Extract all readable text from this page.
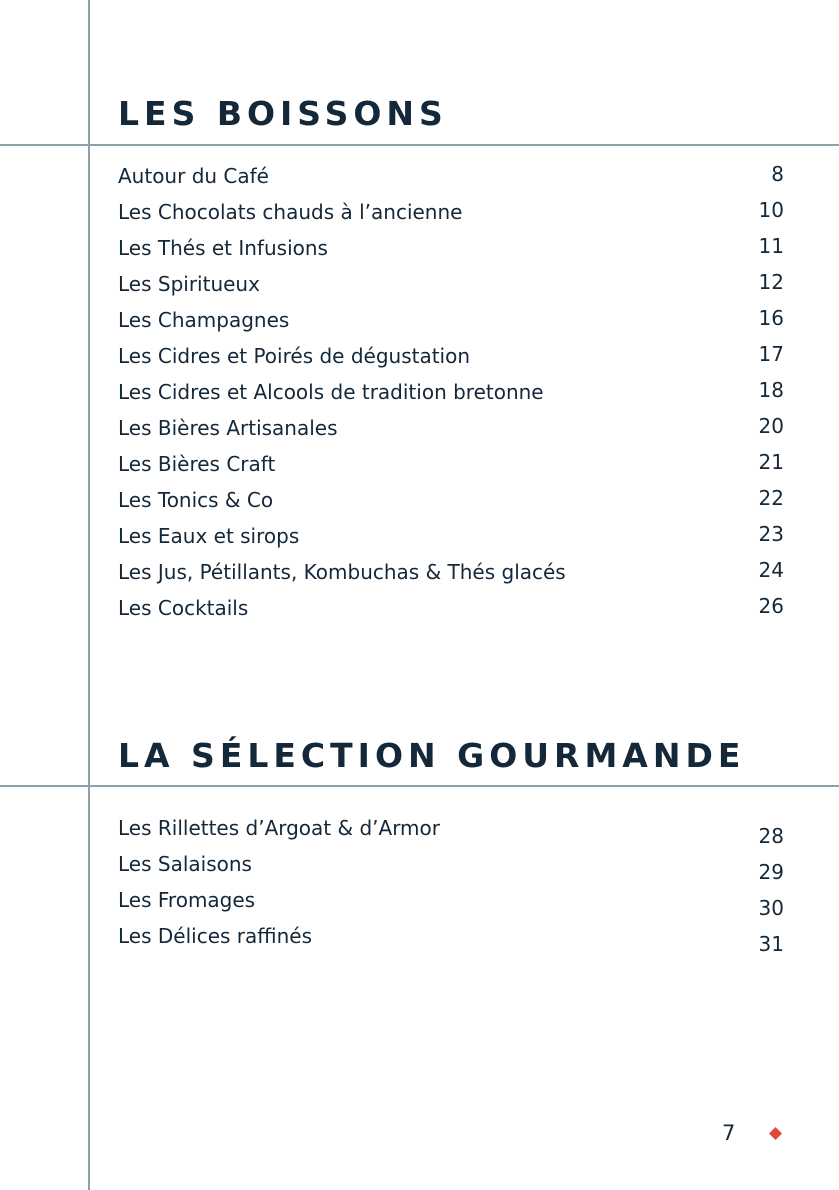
LES BOISSONS
Autour du Café	8
Les Chocolats chauds à l’ancienne	10
Les Thés et Infusions	11
Les Spiritueux	12
Les Champagnes	16
Les Cidres et Poirés de dégustation	17
Les Cidres et Alcools de tradition bretonne	18
Les Bières Artisanales	20
Les Bières Craft	21
Les Tonics & Co	22
Les Eaux et sirops	23
Les Jus, Pétillants, Kombuchas & Thés glacés	24
Les Cocktails	26
LA SÉLECTION GOURMANDE
Les Rillettes d’Argoat & d’Armor	28
Les Salaisons	29
Les Fromages	30
Les Délices raffinés	31
7
